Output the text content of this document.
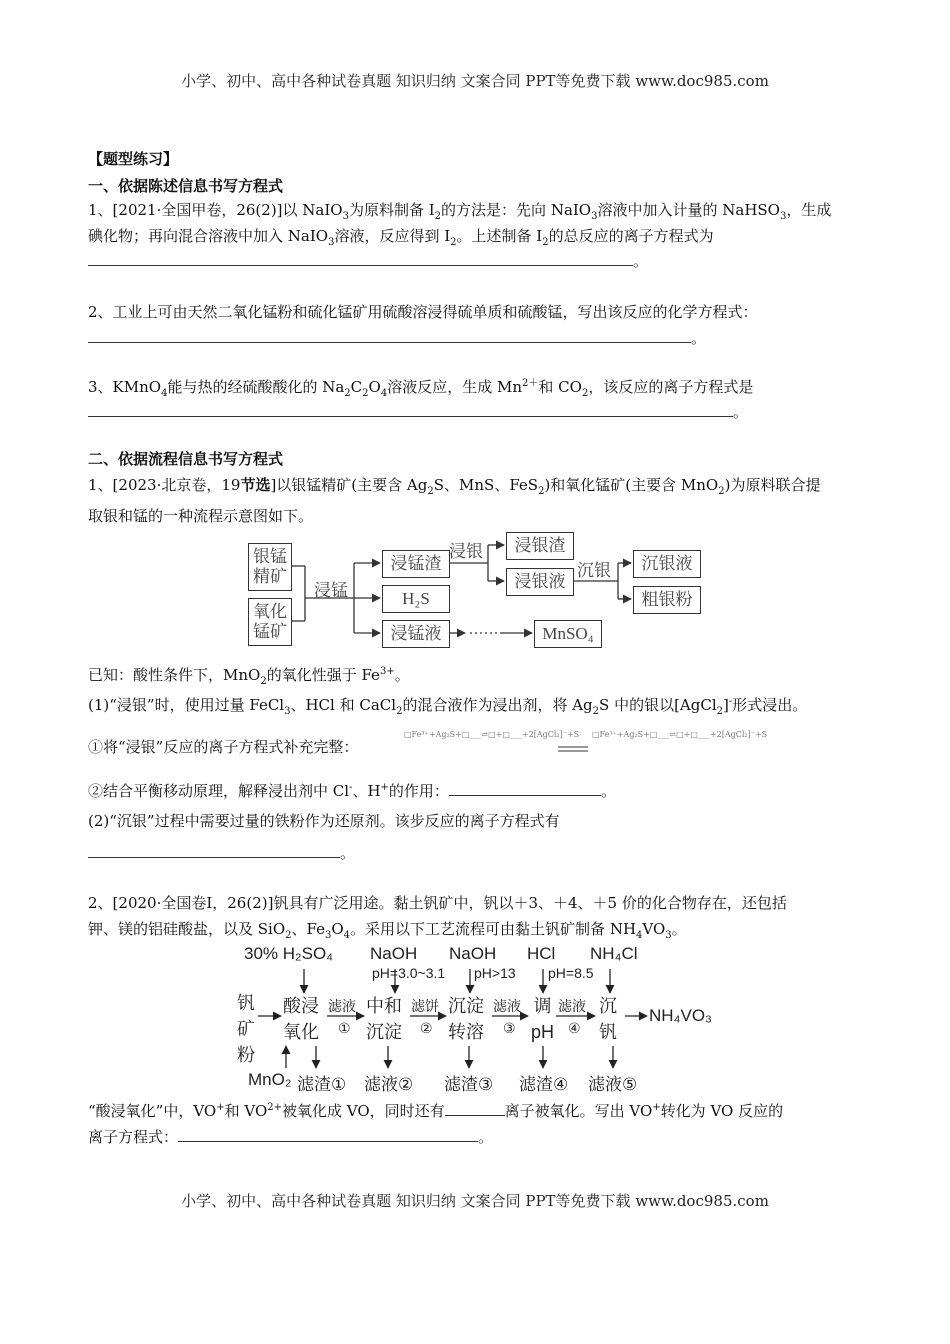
小学、初中、高中各种试卷真题 知识归纳 文案合同 PPT等免费下载 www.doc985.com
小学、初中、高中各种试卷真题 知识归纳 文案合同 PPT等免费下载 www.doc985.com
【题型练习】
一、依据陈述信息书写方程式
1、[2021·全国甲卷，26(2)]以 NaIO$_3$为原料制备 $I_2$的方法是：先向 NaIO$_3$溶液中加入计量的 NaHSO$_3$，生成
碘化物；再向混合溶液中加入 NaIO$_3$溶液，反应得到 $I_2$。上述制备 $I_2$的总反应的离子方程式为
。
2、工业上可由天然二氧化锰粉和硫化锰矿用硫酸溶浸得硫单质和硫酸锰，写出该反应的化学方程式：
。
3、KMnO$_4$能与热的经硫酸酸化的 $Na_2C_2O_4$溶液反应，生成 $Mn^{2+}$和 $CO_2$，该反应的离子方程式是
。
二、依据流程信息书写方程式
1、[2023·北京卷，19节选]以银锰精矿(主要含 $Ag_2S$、MnS、FeS$_2$)和氧化锰矿(主要含 MnO$_2$)为原料联合提
取银和锰的一种流程示意图如下。
银锰
精矿
氧化
锰矿
浸锰
浸锰渣
H₂S
浸锰液
浸银	浸银渣
浸银液
沉银	沉银液
粗银粉
MnSO₄
已知：酸性条件下，MnO$_2$的氧化性强于 $Fe^{3+}$。
(1)“浸银”时，使用过量 FeCl$_3$、HCl 和 CaCl$_2$的混合液作为浸出剂，将 $Ag_2S$ 中的银以[AgCl$_2$]-形式浸出。
①将“浸银”反应的离子方程式补充完整：
□Fe³⁺+Ag₂S+□___⇌□+□___+2[AgCl₂]⁻+S □Fe³⁺+Ag₂S+□___⇌□+□___+2[AgCl₂]⁻+S
②结合平衡移动原理，解释浸出剂中 Cl-、H+的作用：	。
(2)“沉银”过程中需要过量的铁粉作为还原剂。该步反应的离子方程式有
。
2、[2020·全国卷Ⅰ，26(2)]钒具有广泛用途。黏土钒矿中，钒以＋3、＋4、＋5 价的化合物存在，还包括
钾、镁的铝硅酸盐，以及 SiO$_2$、$Fe_3O_4$。采用以下工艺流程可由黏土钒矿制备 $NH_4VO_3$。
30% H₂SO₄ NaOH NaOH HCl NH₄Cl
pH=3.0~3.1 pH>13 pH=8.5
钒
矿
粉
酸浸
氧化
中和
沉淀
沉淀
转溶
调
pH
沉
钒
滤液
①
滤饼
②
滤液
③
滤液
④
NH₄VO₃
MnO₂ 滤渣① 滤液② 滤渣③ 滤渣④ 滤液⑤
“酸浸氧化”中，VO+和 $VO^{2+}$被氧化成 VO，同时还有	离子被氧化。写出 VO+转化为 VO 反应的
离子方程式：	。
